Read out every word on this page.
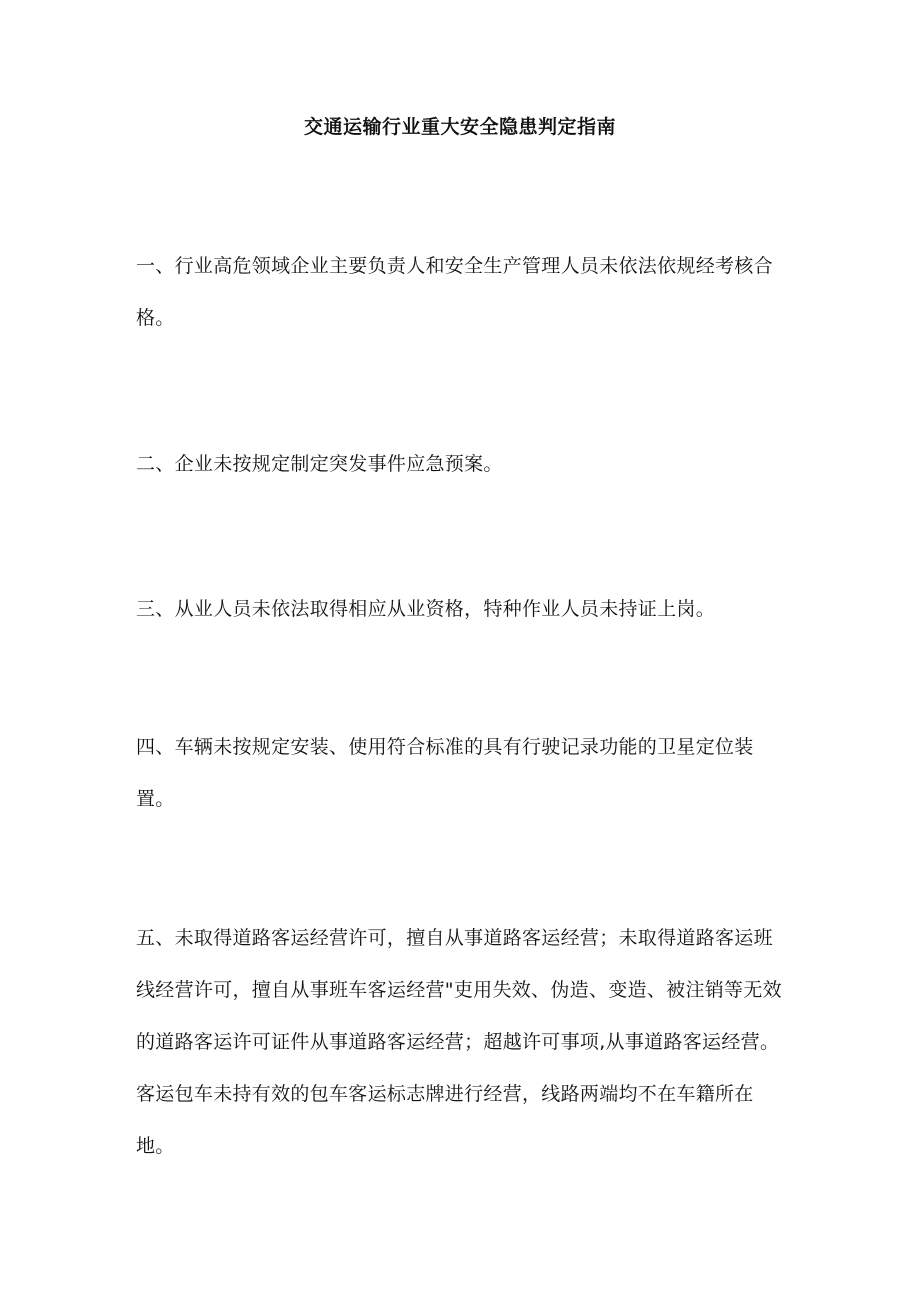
交通运输行业重大安全隐患判定指南

一、行业高危领域企业主要负责人和安全生产管理人员未依法依规经考核合格。

二、企业未按规定制定突发事件应急预案。

三、从业人员未依法取得相应从业资格，特种作业人员未持证上岗。

四、车辆未按规定安装、使用符合标准的具有行驶记录功能的卫星定位装置。

五、未取得道路客运经营许可，擅自从事道路客运经营；未取得道路客运班线经营许可，擅自从事班车客运经营"吏用失效、伪造、变造、被注销等无效的道路客运许可证件从事道路客运经营；超越许可事项,从事道路客运经营。客运包车未持有效的包车客运标志牌进行经营，线路两端均不在车籍所在地。
